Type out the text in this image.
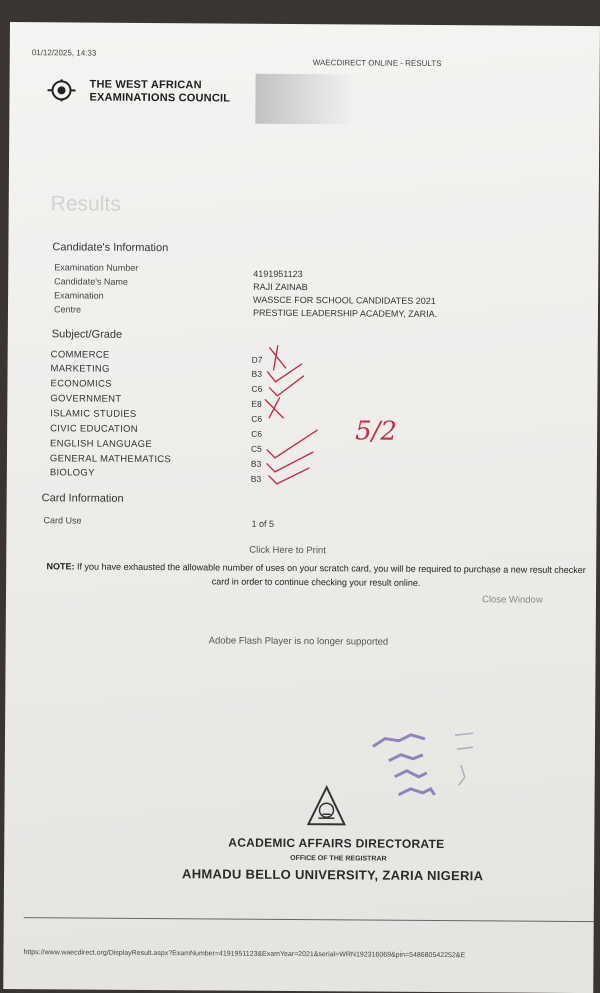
01/12/2025, 14:33
WAECDIRECT ONLINE - RESULTS
THE WEST AFRICAN
EXAMINATIONS COUNCIL
Results
Candidate's Information
Examination Number
Candidate's Name
Examination
Centre
4191951123
RAJI ZAINAB
WASSCE FOR SCHOOL CANDIDATES 2021
PRESTIGE LEADERSHIP ACADEMY, ZARIA.
Subject/Grade
COMMERCE
MARKETING
ECONOMICS
GOVERNMENT
ISLAMIC STUDIES
CIVIC EDUCATION
ENGLISH LANGUAGE
GENERAL MATHEMATICS
BIOLOGY
D7
B3
C6
E8
C6
C6
C5
B3
B3
Card Information
Card Use	1 of 5
Click Here to Print
NOTE: If you have exhausted the allowable number of uses on your scratch card, you will be required to purchase a new result checker card in order to continue checking your result online.
Close Window
Adobe Flash Player is no longer supported
ACADEMIC AFFAIRS DIRECTORATE
OFFICE OF THE REGISTRAR
AHMADU BELLO UNIVERSITY, ZARIA NIGERIA
https://www.waecdirect.org/DisplayResult.aspx?ExamNumber=4191951123&ExamYear=2021&serial=WRN192316069&pin=548680542252&E
5/2
